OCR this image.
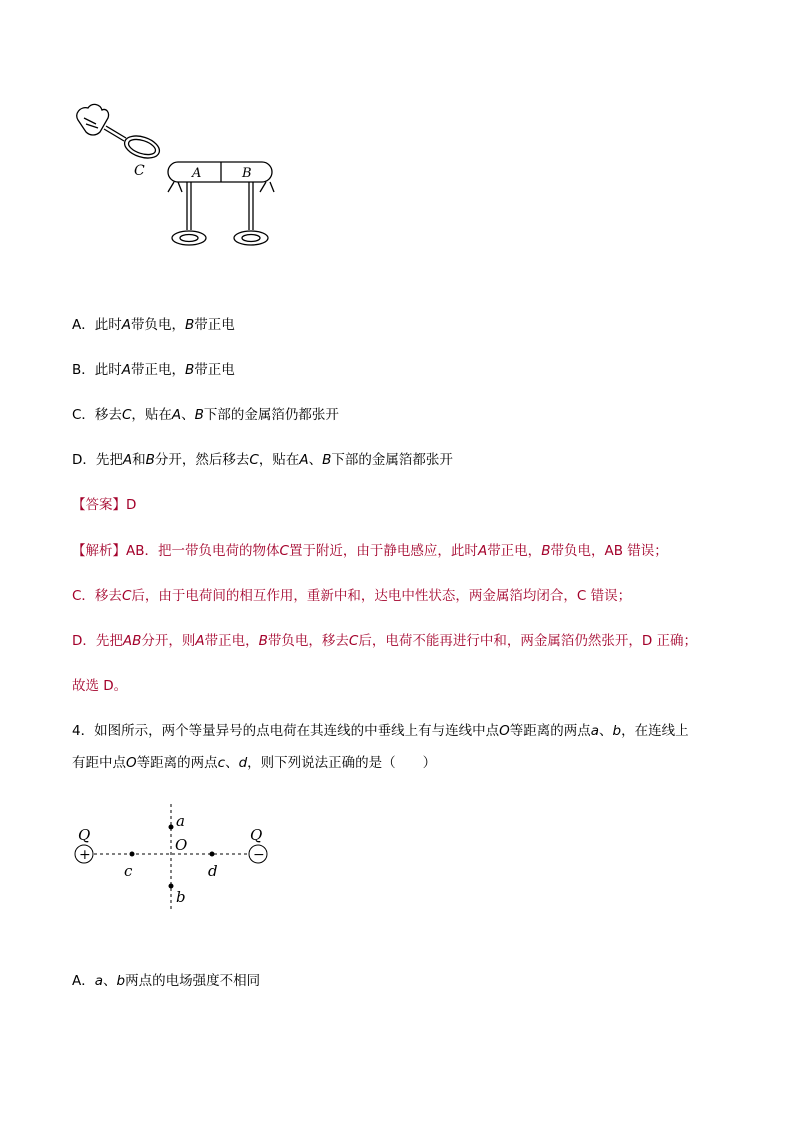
C	A	B
A．此时A带负电，B带正电
B．此时A带正电，B带正电
C．移去C，贴在A、B下部的金属箔仍都张开
D．先把A和B分开，然后移去C，贴在A、B下部的金属箔都张开
【答案】D
【解析】AB．把一带负电荷的物体C置于附近，由于静电感应，此时A带正电，B带负电，AB 错误；
C．移去C后，由于电荷间的相互作用，重新中和，达电中性状态，两金属箔均闭合，C 错误；
D．先把AB分开，则A带正电，B带负电，移去C后，电荷不能再进行中和，两金属箔仍然张开，D 正确；
故选 D。
4．如图所示，两个等量异号的点电荷在其连线的中垂线上有与连线中点O等距离的两点a、b，在连线上
有距中点O等距离的两点c、d，则下列说法正确的是（　　）
+	−
Q	Q
a
O
c	d
b
A．a、b两点的电场强度不相同
